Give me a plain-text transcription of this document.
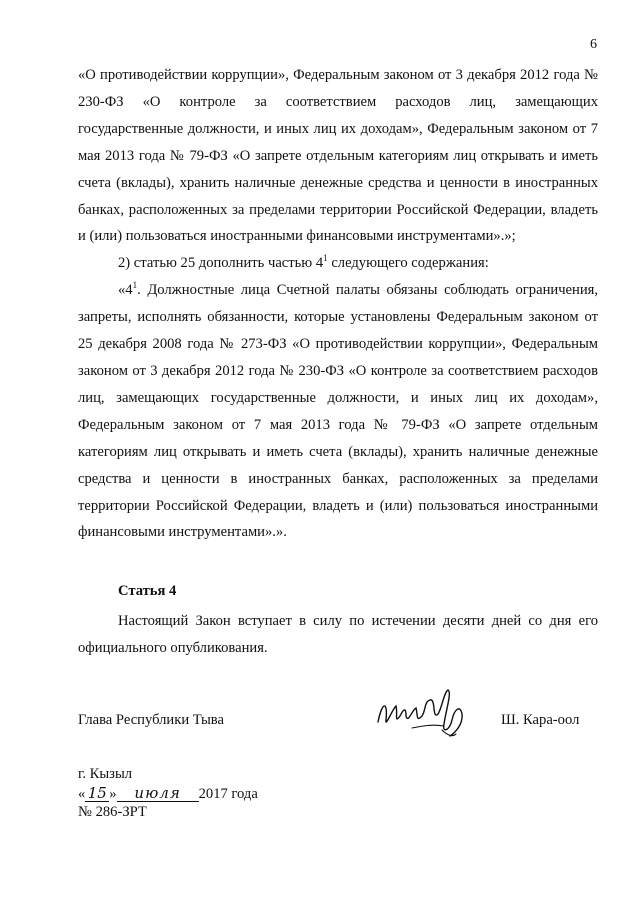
6

«О противодействии коррупции», Федеральным законом от 3 декабря 2012 года № 230-ФЗ «О контроле за соответствием расходов лиц, замещающих государственные должности, и иных лиц их доходам», Федеральным законом от 7 мая 2013 года № 79-ФЗ «О запрете отдельным категориям лиц открывать и иметь счета (вклады), хранить наличные денежные средства и ценности в иностранных банках, расположенных за пределами территории Российской Федерации, владеть и (или) пользоваться иностранными финансовыми инструментами».»;

2) статью 25 дополнить частью $4^1$ следующего содержания:

«$4^1$. Должностные лица Счетной палаты обязаны соблюдать ограничения, запреты, исполнять обязанности, которые установлены Федеральным законом от 25 декабря 2008 года № 273-ФЗ «О противодействии коррупции», Федеральным законом от 3 декабря 2012 года № 230-ФЗ «О контроле за соответствием расходов лиц, замещающих государственные должности, и иных лиц их доходам», Федеральным законом от 7 мая 2013 года № 79-ФЗ «О запрете отдельным категориям лиц открывать и иметь счета (вклады), хранить наличные денежные средства и ценности в иностранных банках, расположенных за пределами территории Российской Федерации, владеть и (или) пользоваться иностранными финансовыми инструментами».».

Статья 4
Настоящий Закон вступает в силу по истечении десяти дней со дня его официального опубликования.
Глава Республики Тыва	Ш. Кара-оол
г. Кызыл
« 15 » июля 2017 года
№ 286-ЗРТ
